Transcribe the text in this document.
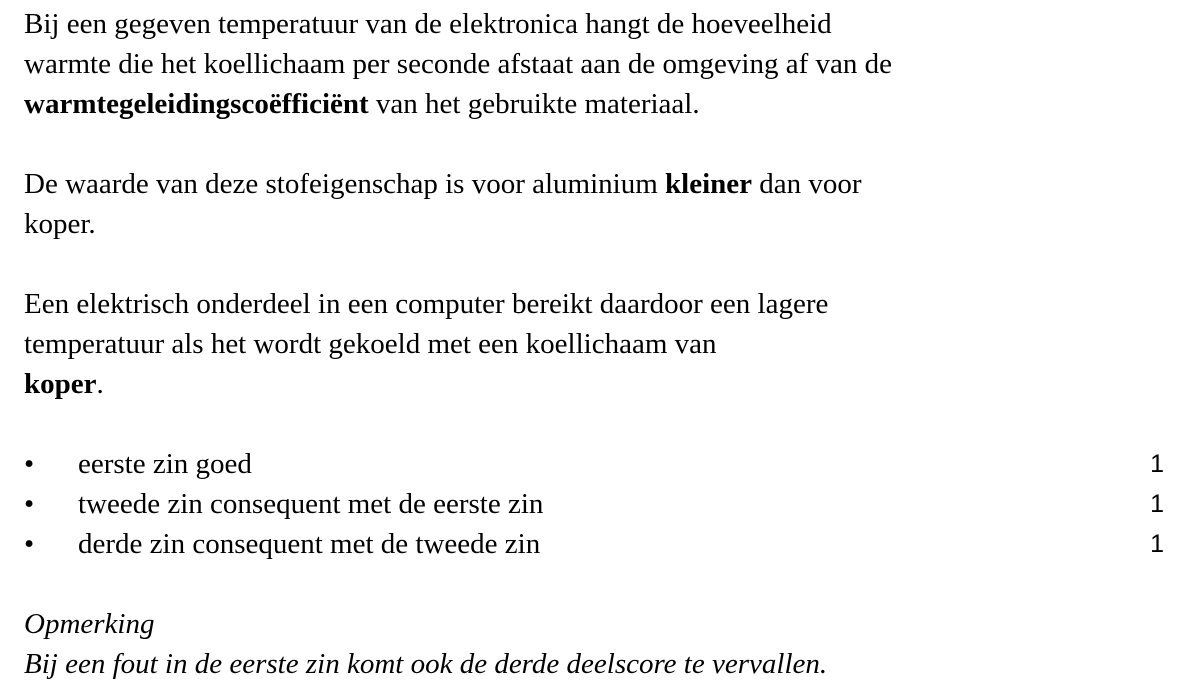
Bij een gegeven temperatuur van de elektronica hangt de hoeveelheid

warmte die het koellichaam per seconde afstaat aan de omgeving af van de

warmtegeleidingscoëfficiënt van het gebruikte materiaal.

De waarde van deze stofeigenschap is voor aluminium kleiner dan voor

koper.

Een elektrisch onderdeel in een computer bereikt daardoor een lagere

temperatuur als het wordt gekoeld met een koellichaam van

koper.

• eerste zin goed	1
• tweede zin consequent met de eerste zin	1
• derde zin consequent met de tweede zin	1

Opmerking

Bij een fout in de eerste zin komt ook de derde deelscore te vervallen.
